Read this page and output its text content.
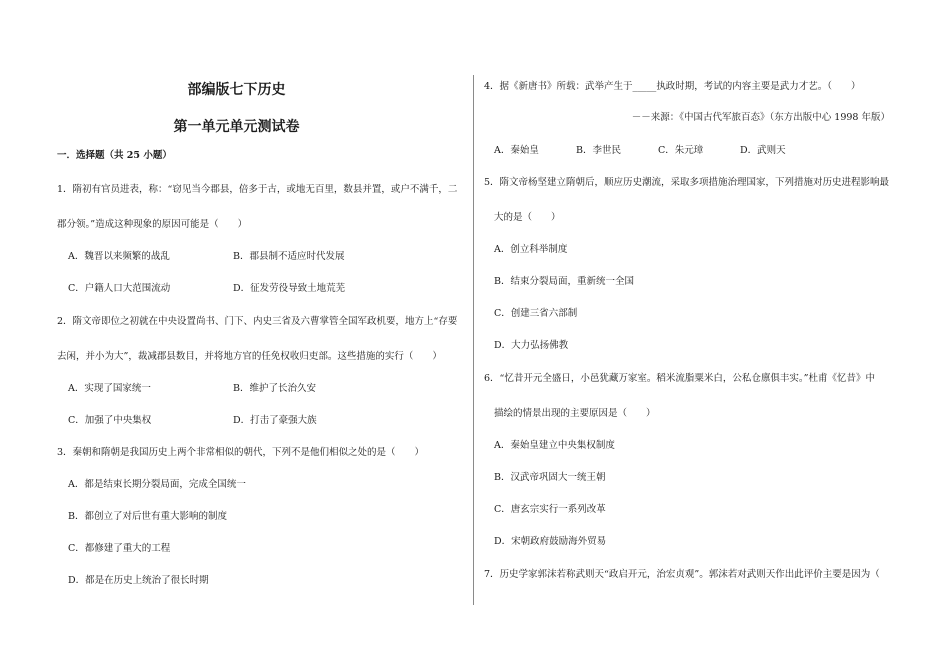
部编版七下历史
第一单元单元测试卷
一．选择题（共 25 小题）
1．隋初有官员进表，称：“窃见当今郡县，倍多于古，或地无百里，数县并置，或户不满千，二
郡分领。”造成这种现象的原因可能是（　　）
A．魏晋以来频繁的战乱	B．郡县制不适应时代发展
C．户籍人口大范围流动	D．征发劳役导致土地荒芜
2．隋文帝即位之初就在中央设置尚书、门下、内史三省及六曹掌管全国军政机要，地方上“存要
去闲，并小为大”，裁减郡县数目，并将地方官的任免权收归吏部。这些措施的实行（　　）
A．实现了国家统一	B．维护了长治久安
C．加强了中央集权	D．打击了豪强大族
3．秦朝和隋朝是我国历史上两个非常相似的朝代，下列不是他们相似之处的是（　　）
A．都是结束长期分裂局面，完成全国统一
B．都创立了对后世有重大影响的制度
C．都修建了重大的工程
D．都是在历史上统治了很长时期
4．据《新唐书》所载：武举产生于_____执政时期，考试的内容主要是武力才艺。（　　）
－－来源：《中国古代军旅百态》（东方出版中心 1998 年版）
A．秦始皇	B．李世民	C．朱元璋	D．武则天
5．隋文帝杨坚建立隋朝后，顺应历史潮流，采取多项措施治理国家，下列措施对历史进程影响最
大的是（　　）
A．创立科举制度
B．结束分裂局面，重新统一全国
C．创建三省六部制
D．大力弘扬佛教
6．“忆昔开元全盛日，小邑犹藏万家室。稻米流脂粟米白，公私仓廪俱丰实。”杜甫《忆昔》中
描绘的情景出现的主要原因是（　　）
A．秦始皇建立中央集权制度
B．汉武帝巩固大一统王朝
C．唐玄宗实行一系列改革
D．宋朝政府鼓励海外贸易
7．历史学家郭沫若称武则天“政启开元，治宏贞观”。郭沫若对武则天作出此评价主要是因为（
